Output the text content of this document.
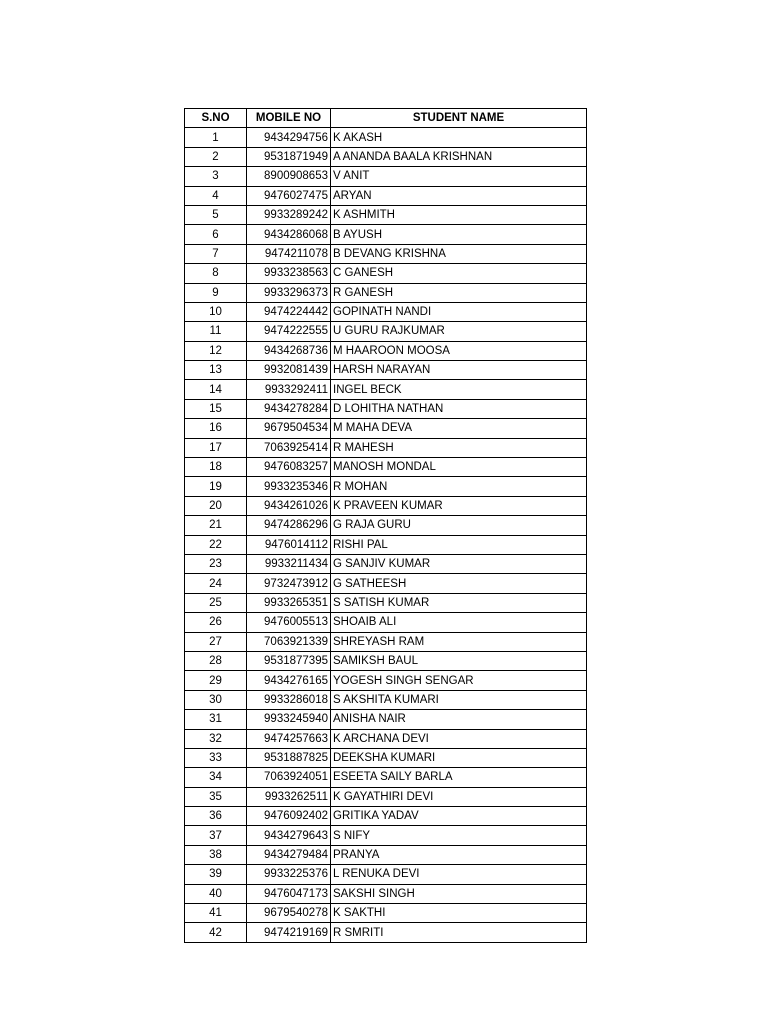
S.NO	MOBILE NO	STUDENT NAME
1	9434294756	K AKASH
2	9531871949	A ANANDA BAALA KRISHNAN
3	8900908653	V ANIT
4	9476027475	ARYAN
5	9933289242	K ASHMITH
6	9434286068	B AYUSH
7	9474211078	B DEVANG KRISHNA
8	9933238563	C GANESH
9	9933296373	R GANESH
10	9474224442	GOPINATH NANDI
11	9474222555	U GURU RAJKUMAR
12	9434268736	M HAAROON MOOSA
13	9932081439	HARSH NARAYAN
14	9933292411	INGEL BECK
15	9434278284	D LOHITHA NATHAN
16	9679504534	M MAHA DEVA
17	7063925414	R MAHESH
18	9476083257	MANOSH MONDAL
19	9933235346	R MOHAN
20	9434261026	K PRAVEEN KUMAR
21	9474286296	G RAJA GURU
22	9476014112	RISHI PAL
23	9933211434	G SANJIV KUMAR
24	9732473912	G SATHEESH
25	9933265351	S SATISH KUMAR
26	9476005513	SHOAIB ALI
27	7063921339	SHREYASH RAM
28	9531877395	SAMIKSH BAUL
29	9434276165	YOGESH SINGH SENGAR
30	9933286018	S AKSHITA KUMARI
31	9933245940	ANISHA NAIR
32	9474257663	K ARCHANA DEVI
33	9531887825	DEEKSHA KUMARI
34	7063924051	ESEETA SAILY BARLA
35	9933262511	K GAYATHIRI DEVI
36	9476092402	GRITIKA YADAV
37	9434279643	S NIFY
38	9434279484	PRANYA
39	9933225376	L RENUKA DEVI
40	9476047173	SAKSHI SINGH
41	9679540278	K SAKTHI
42	9474219169	R SMRITI
